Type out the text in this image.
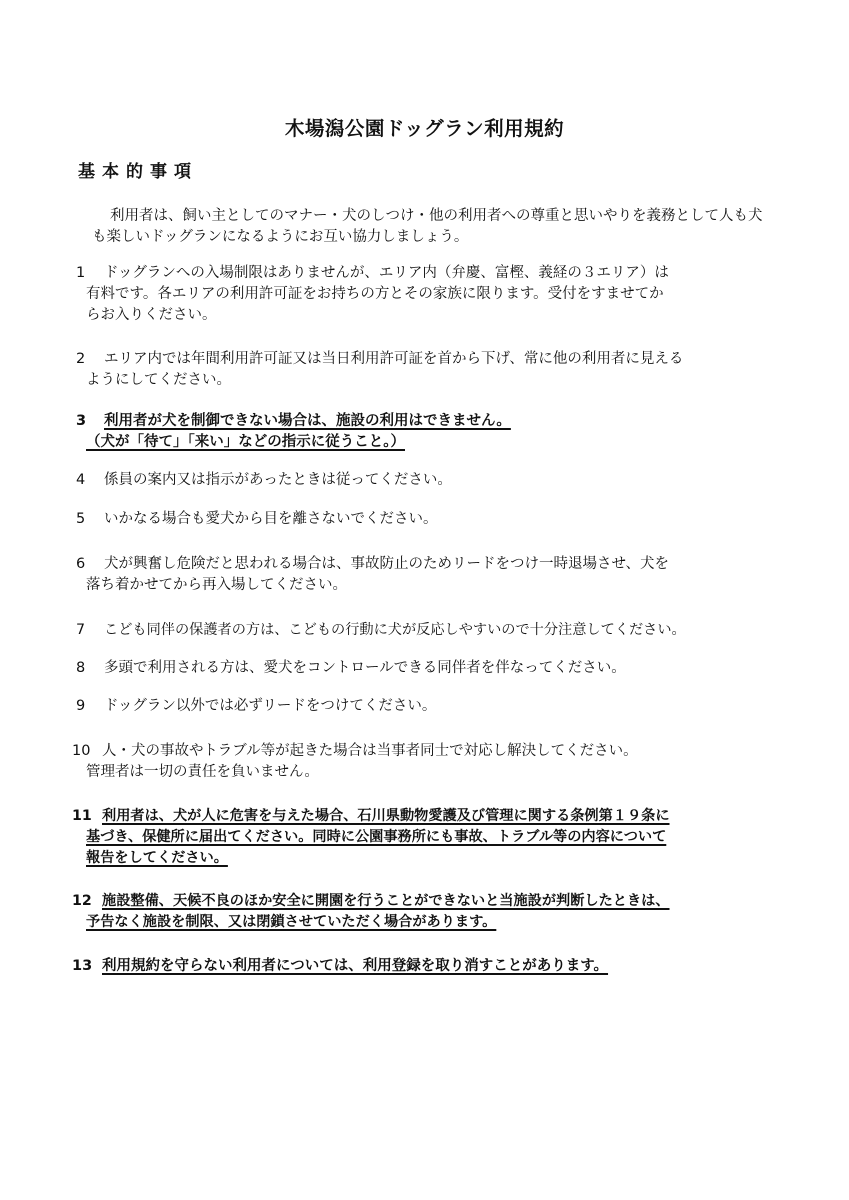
木場潟公園ドッグラン利用規約
基本的事項
利用者は、飼い主としてのマナー・犬のしつけ・他の利用者への尊重と思いやりを義務として人も犬も楽しいドッグランになるようにお互い協力しましょう。
1	ドッグランへの入場制限はありませんが、エリア内（弁慶、富樫、義経の３エリア）は
有料です。各エリアの利用許可証をお持ちの方とその家族に限ります。受付をすませてか
らお入りください。
2	エリア内では年間利用許可証又は当日利用許可証を首から下げ、常に他の利用者に見える
ようにしてください。
3	利用者が犬を制御できない場合は、施設の利用はできません。
（犬が「待て」「来い」などの指示に従うこと。）
4	係員の案内又は指示があったときは従ってください。
5	いかなる場合も愛犬から目を離さないでください。
6	犬が興奮し危険だと思われる場合は、事故防止のためリードをつけ一時退場させ、犬を
落ち着かせてから再入場してください。
7	こども同伴の保護者の方は、こどもの行動に犬が反応しやすいので十分注意してください。
8	多頭で利用される方は、愛犬をコントロールできる同伴者を伴なってください。
9	ドッグラン以外では必ずリードをつけてください。
10 人・犬の事故やトラブル等が起きた場合は当事者同士で対応し解決してください。
管理者は一切の責任を負いません。
11 利用者は、犬が人に危害を与えた場合、石川県動物愛護及び管理に関する条例第１９条に
基づき、保健所に届出てください。同時に公園事務所にも事故、トラブル等の内容について
報告をしてください。
12 施設整備、天候不良のほか安全に開園を行うことができないと当施設が判断したときは、
予告なく施設を制限、又は閉鎖させていただく場合があります。
13 利用規約を守らない利用者については、利用登録を取り消すことがあります。
